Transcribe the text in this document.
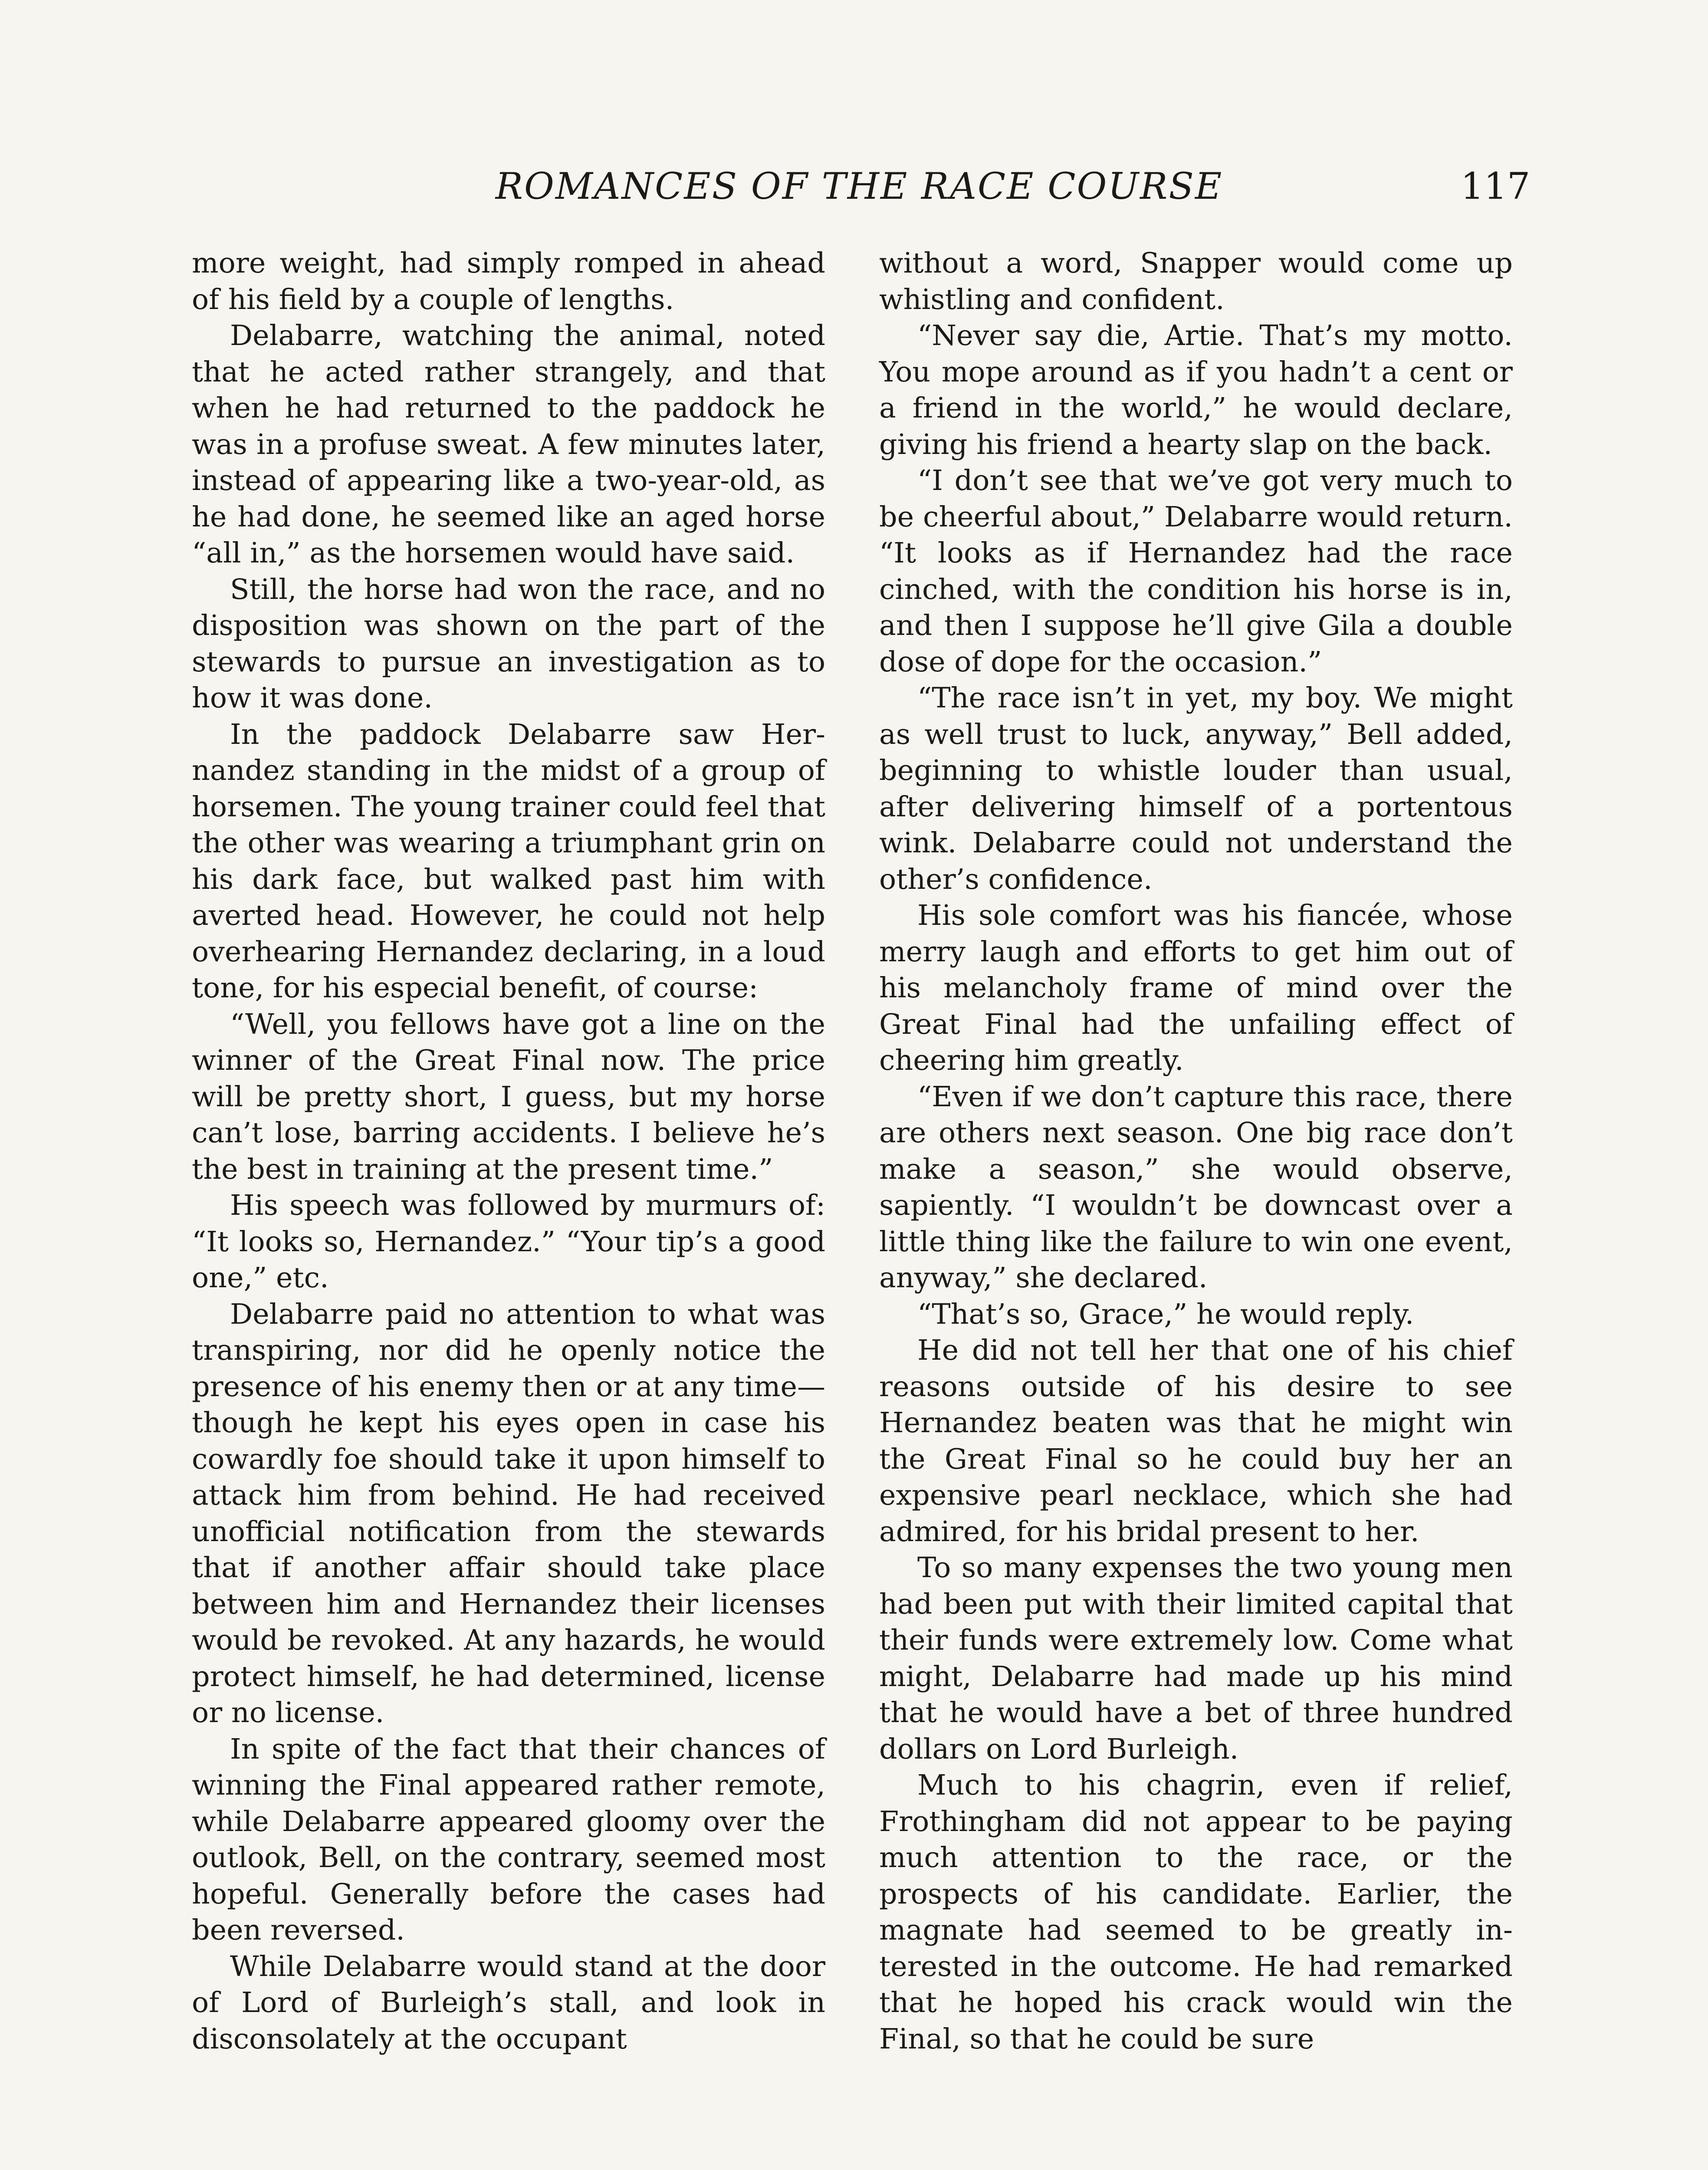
ROMANCES OF THE RACE COURSE	117

more weight, had simply romped in ahead of his field by a couple of lengths.

Delabarre, watching the animal, noted that he acted rather strangely, and that when he had returned to the paddock he was in a profuse sweat. A few minutes later, instead of appearing like a two-year-old, as he had done, he seemed like an aged horse “all in,” as the horsemen would have said.

Still, the horse had won the race, and no disposition was shown on the part of the stewards to pursue an investigation as to how it was done.

In the paddock Delabarre saw Hernandez standing in the midst of a group of horsemen. The young trainer could feel that the other was wearing a triumphant grin on his dark face, but walked past him with averted head. However, he could not help overhearing Hernandez declaring, in a loud tone, for his especial benefit, of course:

“Well, you fellows have got a line on the winner of the Great Final now. The price will be pretty short, I guess, but my horse can’t lose, barring accidents. I believe he’s the best in training at the present time.”

His speech was followed by murmurs of: “It looks so, Hernandez.” “Your tip’s a good one,” etc.

Delabarre paid no attention to what was transpiring, nor did he openly notice the presence of his enemy then or at any time—though he kept his eyes open in case his cowardly foe should take it upon himself to attack him from behind. He had received unofficial notification from the stewards that if another affair should take place between him and Hernandez their licenses would be revoked. At any hazards, he would protect himself, he had determined, license or no license.

In spite of the fact that their chances of winning the Final appeared rather remote, while Delabarre appeared gloomy over the outlook, Bell, on the contrary, seemed most hopeful. Generally before the cases had been reversed.

While Delabarre would stand at the door of Lord of Burleigh’s stall, and look in disconsolately at the occupant

without a word, Snapper would come up whistling and confident.

“Never say die, Artie. That’s my motto. You mope around as if you hadn’t a cent or a friend in the world,” he would declare, giving his friend a hearty slap on the back.

“I don’t see that we’ve got very much to be cheerful about,” Delabarre would return. “It looks as if Hernandez had the race cinched, with the condition his horse is in, and then I suppose he’ll give Gila a double dose of dope for the occasion.”

“The race isn’t in yet, my boy. We might as well trust to luck, anyway,” Bell added, beginning to whistle louder than usual, after delivering himself of a portentous wink. Delabarre could not understand the other’s confidence.

His sole comfort was his fiancée, whose merry laugh and efforts to get him out of his melancholy frame of mind over the Great Final had the unfailing effect of cheering him greatly.

“Even if we don’t capture this race, there are others next season. One big race don’t make a season,” she would observe, sapiently. “I wouldn’t be downcast over a little thing like the failure to win one event, anyway,” she declared.

“That’s so, Grace,” he would reply.

He did not tell her that one of his chief reasons outside of his desire to see Hernandez beaten was that he might win the Great Final so he could buy her an expensive pearl necklace, which she had admired, for his bridal present to her.

To so many expenses the two young men had been put with their limited capital that their funds were extremely low. Come what might, Delabarre had made up his mind that he would have a bet of three hundred dollars on Lord Burleigh.

Much to his chagrin, even if relief, Frothingham did not appear to be paying much attention to the race, or the prospects of his candidate. Earlier, the magnate had seemed to be greatly interested in the outcome. He had remarked that he hoped his crack would win the Final, so that he could be sure
